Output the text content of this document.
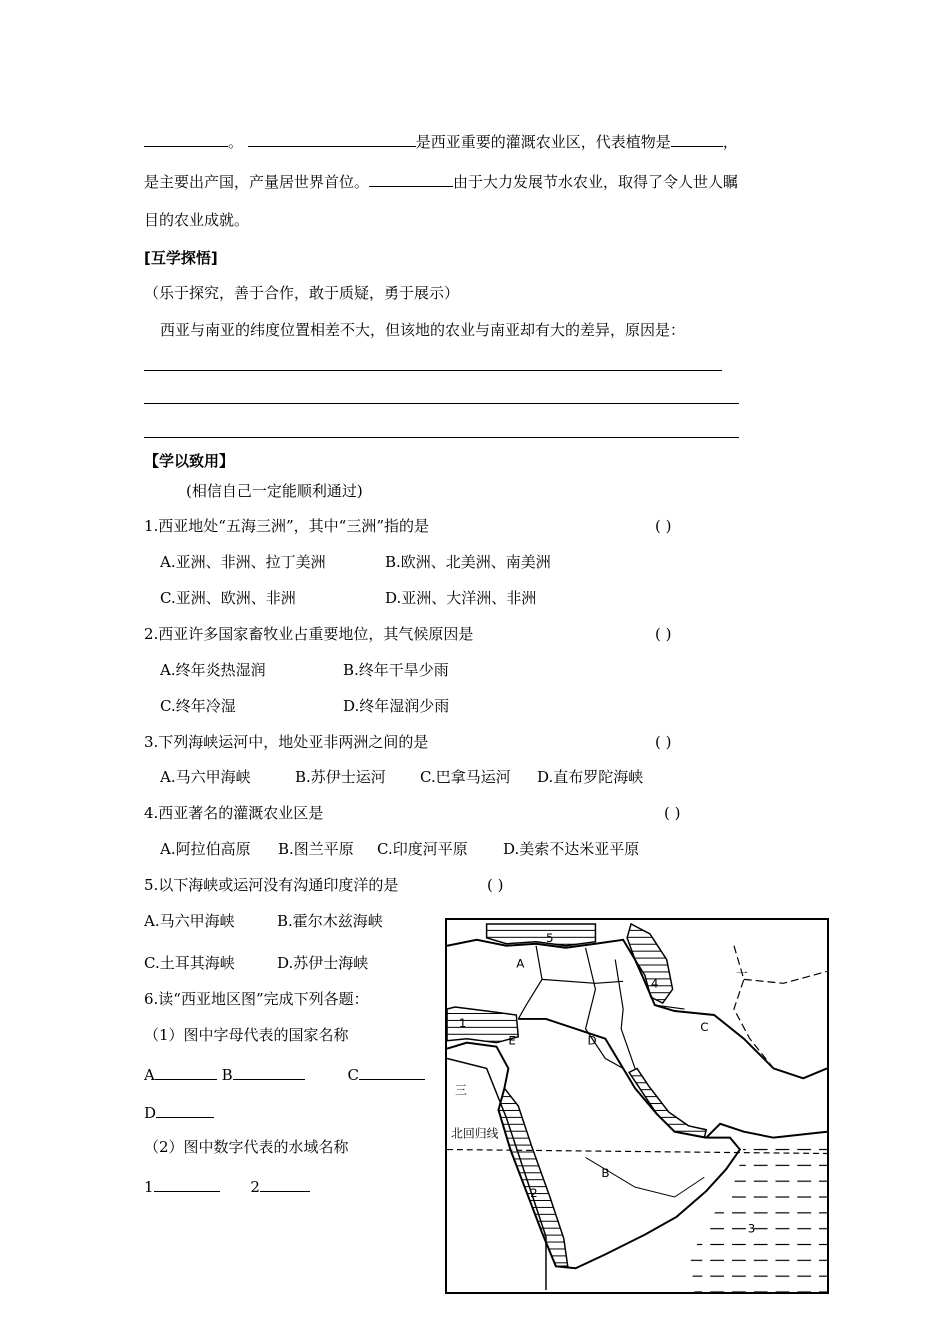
。	是西亚重要的灌溉农业区，代表植物是	，
是主要出产国，产量居世界首位。	由于大力发展节水农业，取得了令人世人瞩
目的农业成就。
[互学探悟]
（乐于探究，善于合作，敢于质疑，勇于展示）
西亚与南亚的纬度位置相差不大，但该地的农业与南亚却有大的差异，原因是：
【学以致用】
(相信自己一定能顺利通过)
1.西亚地处“五海三洲”，其中“三洲”指的是	( )
A.亚洲、非洲、拉丁美洲	B.欧洲、北美洲、南美洲
C.亚洲、欧洲、非洲	D.亚洲、大洋洲、非洲
2.西亚许多国家畜牧业占重要地位，其气候原因是	( )
A.终年炎热湿润	B.终年干旱少雨
C.终年冷湿	D.终年湿润少雨
3.下列海峡运河中，地处亚非两洲之间的是	( )
A.马六甲海峡	B.苏伊士运河 C.巴拿马运河 D.直布罗陀海峡
4.西亚著名的灌溉农业区是	( )
A.阿拉伯高原 B.图兰平原 C.印度河平原 D.美索不达米亚平原
5.以下海峡或运河没有沟通印度洋的是	( )
A.马六甲海峡	B.霍尔木兹海峡
C.土耳其海峡	D.苏伊士海峡
6.读“西亚地区图”完成下列各题：
（1）图中字母代表的国家名称
A	B	C
D
（2）图中数字代表的水域名称
1	2
北回归线
A
B
C
D
E
1
2
3
4
5
一
三
